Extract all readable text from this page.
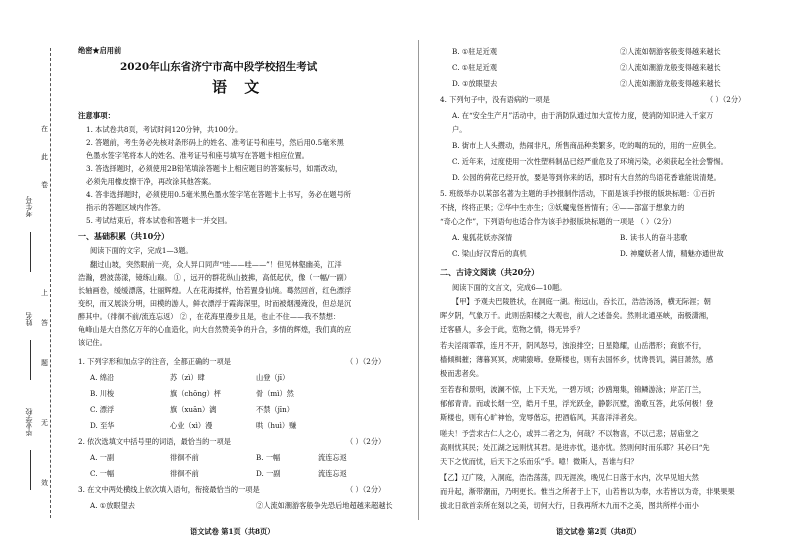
在
此
卷
上
答
题
无
效
考生号
姓名
毕业学校
绝密★启用前
2020年山东省济宁市高中段学校招生考试
语 文
注意事项：
1. 本试卷共8页，考试时间120分钟，共100分。
2. 答题前，考生务必先核对条形码上的姓名、准考证号和座号，然后用0.5毫米黑
色墨水签字笔将本人的姓名、准考证号和座号填写在答题卡相应位置。
3. 答选择题时，必须使用2B铅笔填涂答题卡上相应题目的答案标号，如需改动，
必须先用橡皮擦干净，再改涂其他答案。
4. 答非选择题时，必须使用0.5毫米黑色墨水签字笔在答题卡上书写，务必在题号所
指示的答题区域内作答。
5. 考试结束后，将本试卷和答题卡一并交回。
一、基础积累（共10分）
阅读下面的文字，完成1—3题。
翻过山坡，突然眼前一亮，众人异口同声“哇——哇——”！但见林壑幽美，江洋
浩瀚，碧波荡漾，镜练山巅。 ① ，远开的群花纵山披拂，高低起伏，像（一幅/一副）
长轴画卷，缓缓漂落，壮丽辉煌。人在花海揉样，怡若置身仙境。蓦然回首，红色漂浮
变织，而又展淡分明，田模的游人，鲜衣漂浮于霞海深里，时而被烟漫淹没，但总是沉
醉其中。（徘徊不前/流连忘返） ② ，在花海里漫步且是，也止不住——我不禁想：
龟峰山是大自然亿万年的心血造化，向大自然赞美争的升合，多情的辉煌，我们真的应
该记住。
1. 下列字形和加点字的注音，全都正确的一项是	（ ）（2分）
A. 绵沿	苏（zì）肆	山登（jī）
B. 川梭	旗（chōng）枰	骨（mì）然
C. 漂浮	旗（xuān）漓	不禁（jīn）
D. 至华	心业（xì）漫	哄（huì）赚
2. 依次选填文中括号里的词语，最恰当的一项是	（ ）（2分）
A. 一副	徘徊不前	B. 一幅	流连忘返
C. 一幅	徘徊不前	D. 一副	流连忘返
3. 在文中两处横线上依次填入语句，衔接最恰当的一项是	（ ）（2分）
A. ①放眼望去	②人流如潮游客般争先恐后地超越来超越长
语文试卷 第1页（共8页）
B. ①驻足近观	②人流如朝游客般变得越来越长
C. ①驻足近观	②人流如潮游龙般变得越来越长
D. ①放眼望去	②人流如潮游龙般变得越来越长
4. 下列句子中，没有语病的一项是	（ ）（2分）
A. 在“安全生产月”活动中，由于消防队通过加大宣传力度，使消防知识进入千家万
户。
B. 街市上人头攒动，热闹非凡，所售商品种类繁多，吃的喝的玩的，用的一应俱全。
C. 近年来，过度使用一次性塑料制品已经严重危及了环境污染，必须获起全社会警惕。
D. 公园的荷花已经开放，要是等到你来的话，那时有大自然的鸟语花香谁能说清楚。
5. 班级举办以某部名著为主题的手抄报制作活动，下面是该手抄报的版块标题：①百折
不挠，终将正果；②华中生亦生；③妖魔鬼怪皆情有；④——部富于想象力的
“奇心之作”，下列语句也适合作为该手抄报版块标题的一项是 （ ）（2分）
A. 鬼狐花妖亦深情	B. 读书人的奋斗悲歌
C. 梁山好汉背后的真机	D. 神魔妖者人情，精魅亦通世故
二、古诗文阅读（共20分）
阅读下面的文言文，完成6—10题。
【甲】予观夫巴陵胜状，在洞庭一湖。衔远山，吞长江，浩浩汤汤，横无际涯；朝
晖夕阴，气象万千。此则岳阳楼之大观也，前人之述备矣。然则北通巫峡，南极潇湘，
迁客骚人，多会于此，览物之情，得无异乎？
若夫淫雨霏霏，连月不开，阴风怒号，浊浪排空；日星隐耀，山岳潜形；商旅不行，
樯倾楫摧；薄暮冥冥，虎啸猿啼。登斯楼也，则有去国怀乡，忧谗畏讥，满目萧然，感
极而悲者矣。
至若春和景明，波澜不惊，上下天光，一碧万顷；沙鸥翔集，锦鳞游泳；岸芷汀兰，
郁郁青青。而或长烟一空，皓月千里，浮光跃金，静影沉璧，渔歌互答，此乐何极！登
斯楼也，则有心旷神怡，宠辱偕忘，把酒临风，其喜洋洋者矣。
嗟夫！予尝求古仁人之心，或异二者之为，何哉？不以物喜，不以己悲；居庙堂之
高则忧其民；处江湖之远则忧其君。是进亦忧，退亦忧。然则何时而乐耶？其必曰“先
天下之忧而忧，后天下之乐而乐”乎。噫！微斯人，吾谁与归？
【乙】辽广陵，入洞庭，浩浩荡荡，四无涯涘，晚见仁日落于水内，次早见旭大然
而升起，渐带潮而，乃明更长。惟当之所者于上下，山若皆以为奉，水若皆以为奇，非果果果
拔北日欲首亲所在刻以之美，切何大行，日我再所木九而不之美，图共所样小而小
语文试卷 第2页（共8页）
